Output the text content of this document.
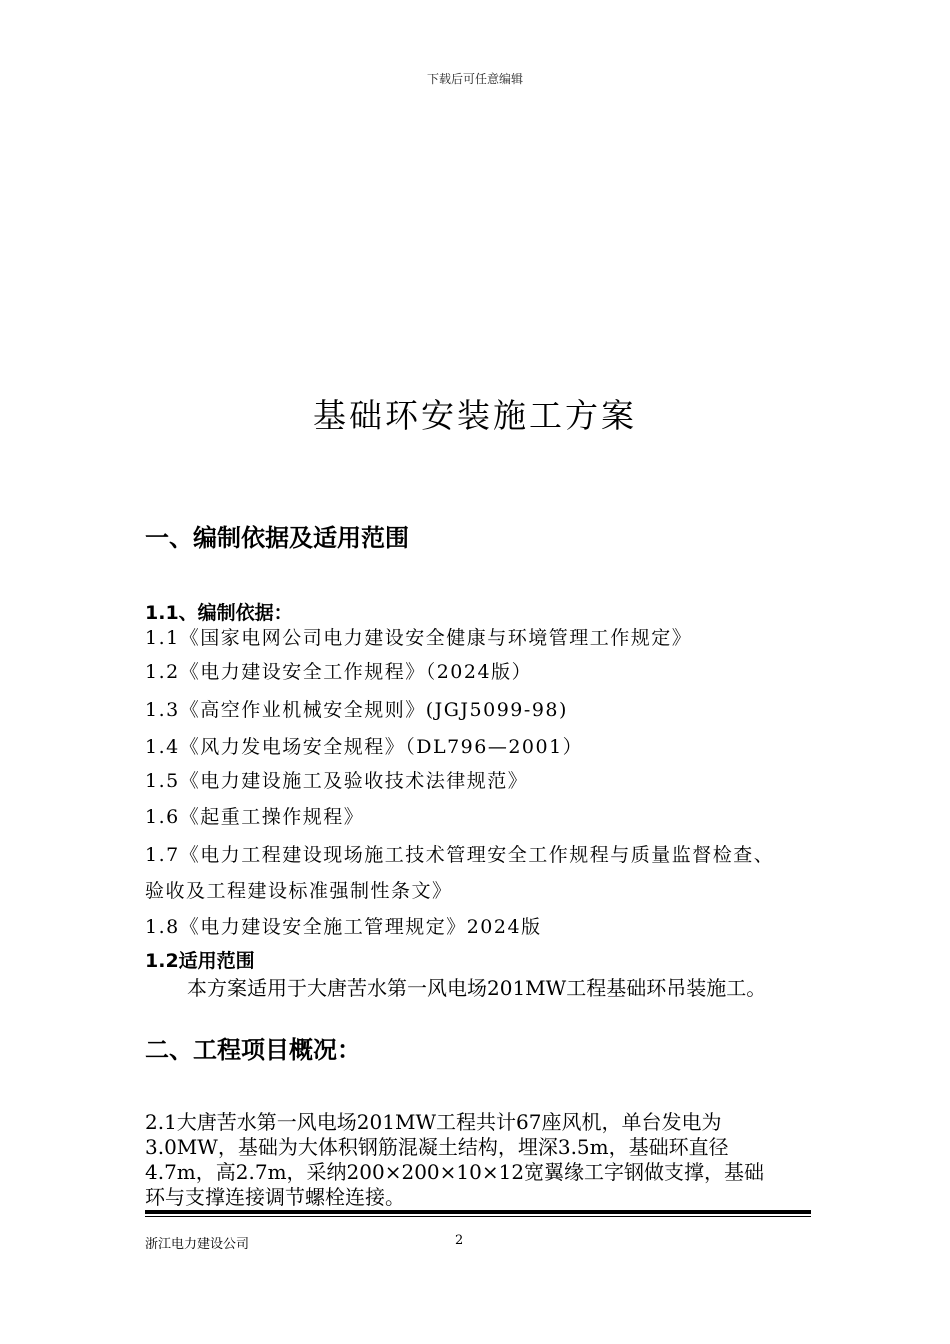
下载后可任意编辑
基础环安装施工方案
一、编制依据及适用范围
1.1、编制依据：
1.1《国家电网公司电力建设安全健康与环境管理工作规定》
1.2《电力建设安全工作规程》（2024版）
1.3《高空作业机械安全规则》(JGJ5099-98)
1.4《风力发电场安全规程》（DL796—2001）
1.5《电力建设施工及验收技术法律规范》
1.6《起重工操作规程》
1.7《电力工程建设现场施工技术管理安全工作规程与质量监督检查、
验收及工程建设标准强制性条文》
1.8《电力建设安全施工管理规定》2024版
1.2适用范围
本方案适用于大唐苦水第一风电场201MW工程基础环吊装施工。
二、工程项目概况：
2.1大唐苦水第一风电场201MW工程共计67座风机，单台发电为
3.0MW，基础为大体积钢筋混凝土结构，埋深3.5m，基础环直径
4.7m，高2.7m，采纳200×200×10×12宽翼缘工字钢做支撑，基础
环与支撑连接调节螺栓连接。
浙江电力建设公司	2
